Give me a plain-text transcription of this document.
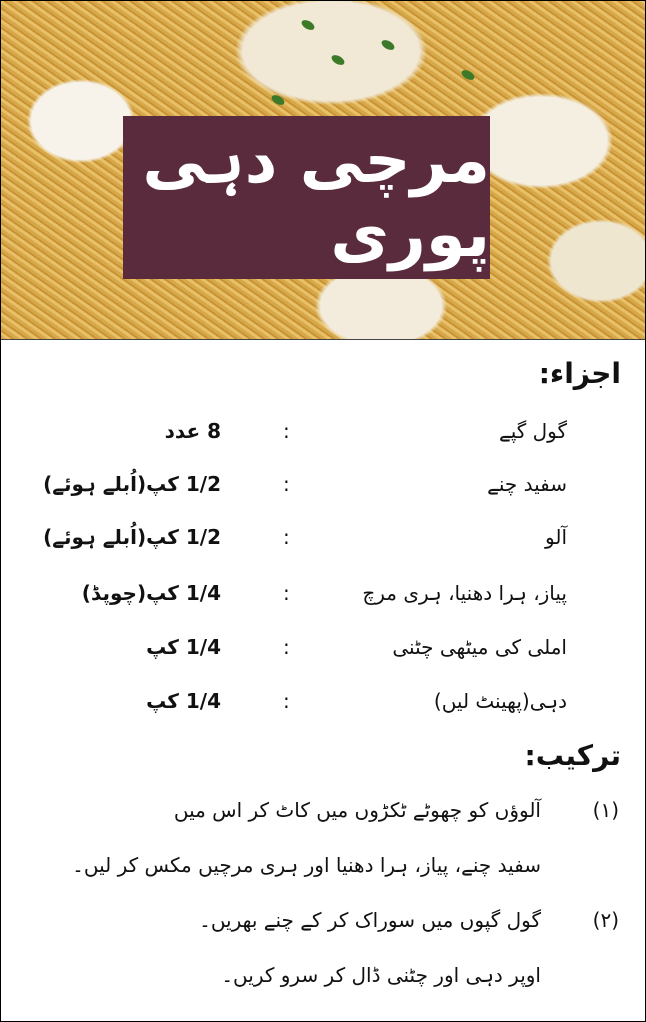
مرچی دہی پوری
اجزاء:
گول گپے
:
8 عدد
سفید چنے
:
1/2 کپ(اُبلے ہوئے)
آلو
:
1/2 کپ(اُبلے ہوئے)
پیاز، ہرا دھنیا، ہری مرچ
:
1/4 کپ(چوپڈ)
املی کی میٹھی چٹنی
:
1/4 کپ
دہی(پھینٹ لیں)
:
1/4 کپ
ترکیب:
(۱)
آلوؤں کو چھوٹے ٹکڑوں میں کاٹ کر اس میں
سفید چنے، پیاز، ہرا دھنیا اور ہری مرچیں مکس کر لیں۔
(۲)
گول گپوں میں سوراک کر کے چنے بھریں۔
اوپر دہی اور چٹنی ڈال کر سرو کریں۔
